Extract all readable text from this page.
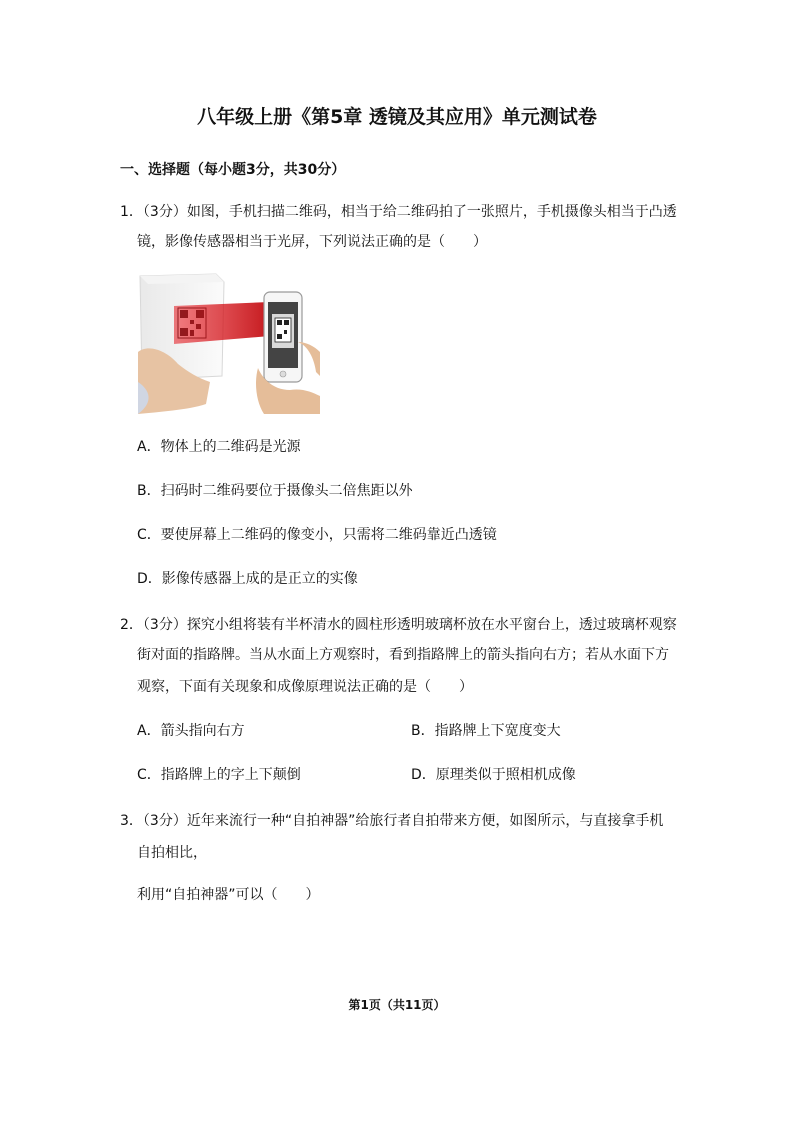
八年级上册《第5章 透镜及其应用》单元测试卷
一、选择题（每小题3分，共30分）
1．（3分）如图，手机扫描二维码，相当于给二维码拍了一张照片，手机摄像头相当于凸透
镜，影像传感器相当于光屏，下列说法正确的是（　　）
A．物体上的二维码是光源
B．扫码时二维码要位于摄像头二倍焦距以外
C．要使屏幕上二维码的像变小，只需将二维码靠近凸透镜
D．影像传感器上成的是正立的实像
2．（3分）探究小组将装有半杯清水的圆柱形透明玻璃杯放在水平窗台上，透过玻璃杯观察
街对面的指路牌。当从水面上方观察时，看到指路牌上的箭头指向右方；若从水面下方
观察，下面有关现象和成像原理说法正确的是（　　）
A．箭头指向右方	B．指路牌上下宽度变大
C．指路牌上的字上下颠倒	D．原理类似于照相机成像
3．（3分）近年来流行一种“自拍神器”给旅行者自拍带来方便，如图所示，与直接拿手机
自拍相比，
利用“自拍神器”可以（　　）
第1页（共11页）
